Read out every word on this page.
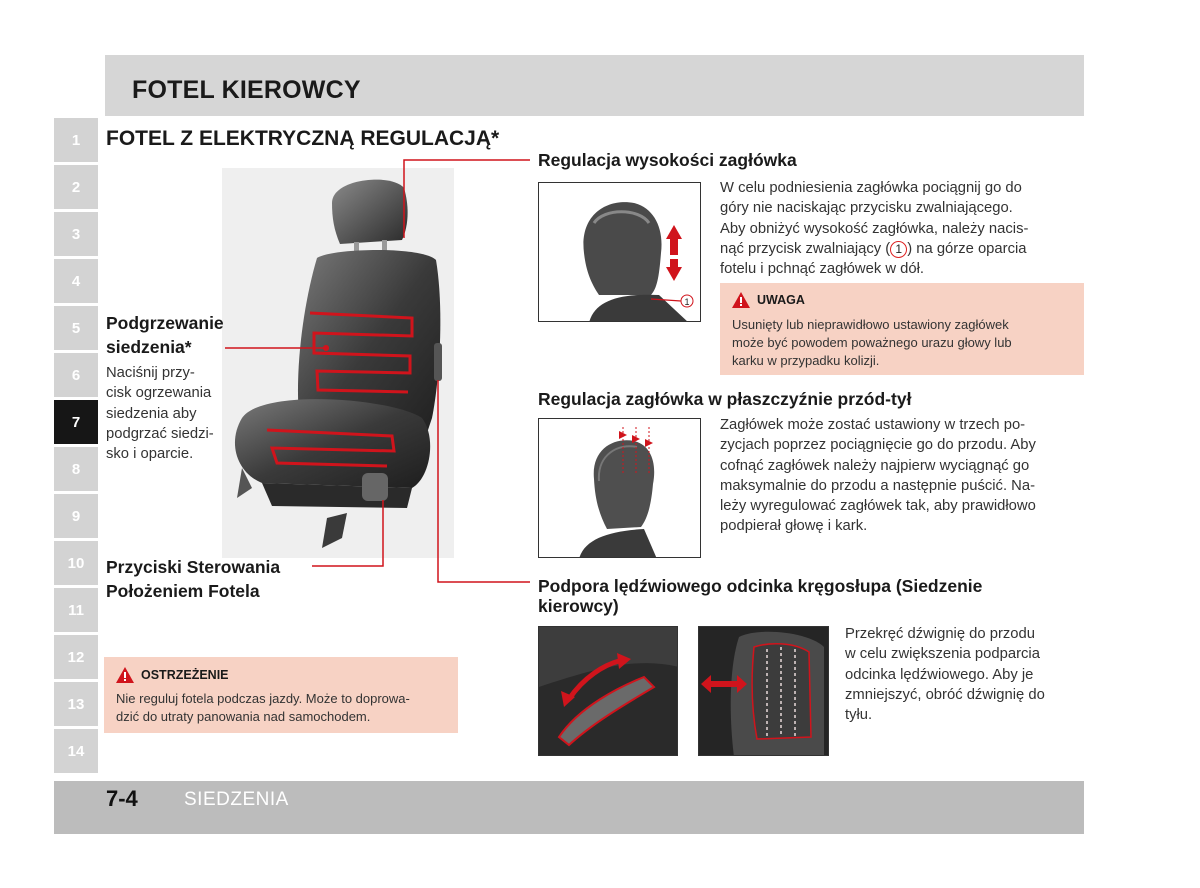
FOTEL KIEROWCY
1
2
3
4
5
6
7
8
9
10
11
12
13
14
FOTEL Z ELEKTRYCZNĄ REGULACJĄ*
Podgrzewanie
siedzenia*
Naciśnij przy-
cisk ogrzewania
siedzenia aby
podgrzać siedzi-
sko i oparcie.
Przyciski Sterowania
Położeniem Fotela
OSTRZEŻENIE
Nie reguluj fotela podczas jazdy. Może to doprowa-
dzić do utraty panowania nad samochodem.
Regulacja wysokości zagłówka
1
W celu podniesienia zagłówka pociągnij go do
góry nie naciskając przycisku zwalniającego.
Aby obniżyć wysokość zagłówka, należy nacis-
nąć przycisk zwalniający ( 1 ) na górze oparcia
fotelu i pchnąć zagłówek w dół.
UWAGA
Usunięty lub nieprawidłowo ustawiony zagłówek
może być powodem poważnego urazu głowy lub
karku w przypadku kolizji.
Regulacja zagłówka w płaszczyźnie przód-tył
Zagłówek może zostać ustawiony w trzech po-
zycjach poprzez pociągnięcie go do przodu. Aby
cofnąć zagłówek należy najpierw wyciągnąć go
maksymalnie do przodu a następnie puścić. Na-
leży wyregulować zagłówek tak, aby prawidłowo
podpierał głowę i kark.
Podpora lędźwiowego odcinka kręgosłupa (Siedzenie
kierowcy)
Przekręć dźwignię do przodu
w celu zwiększenia podparcia
odcinka lędźwiowego. Aby je
zmniejszyć, obróć dźwignię do
tyłu.
7-4 SIEDZENIA
